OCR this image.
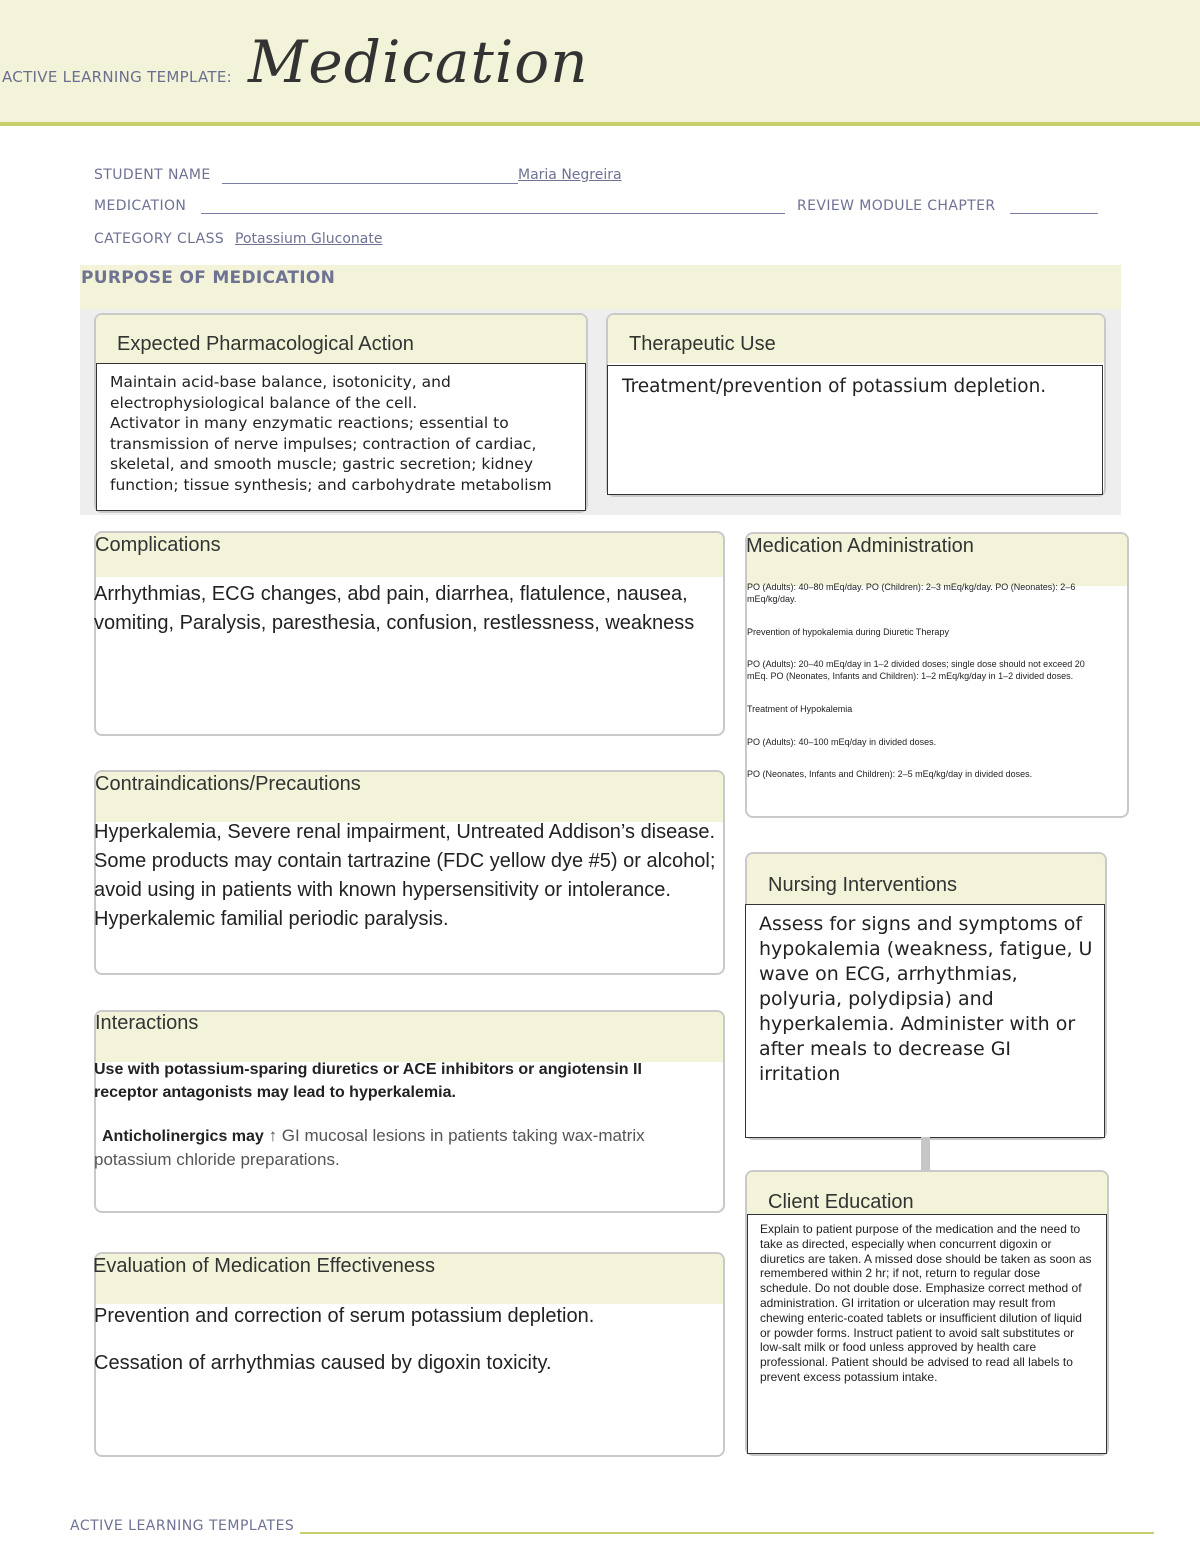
ACTIVE LEARNING TEMPLATE: Medication
STUDENT NAME	Maria Negreira
MEDICATION	REVIEW MODULE CHAPTER
CATEGORY CLASS Potassium Gluconate
PURPOSE OF MEDICATION
Expected Pharmacological Action
Maintain acid-base balance, isotonicity, and
electrophysiological balance of the cell.
Activator in many enzymatic reactions; essential to
transmission of nerve impulses; contraction of cardiac,
skeletal, and smooth muscle; gastric secretion; kidney
function; tissue synthesis; and carbohydrate metabolism
Therapeutic Use
Treatment/prevention of potassium depletion.
Complications
Arrhythmias, ECG changes, abd pain, diarrhea, flatulence, nausea, vomiting, Paralysis, paresthesia, confusion, restlessness, weakness
Contraindications/Precautions
Hyperkalemia, Severe renal impairment, Untreated Addison’s disease. Some products may contain tartrazine (FDC yellow dye #5) or alcohol; avoid using in patients with known hypersensitivity or intolerance. Hyperkalemic familial periodic paralysis.
Interactions
Use with potassium-sparing diuretics or ACE inhibitors or angiotensin II receptor antagonists may lead to hyperkalemia.
Anticholinergics may ↑ GI mucosal lesions in patients taking wax-matrix potassium chloride preparations.
Evaluation of Medication Effectiveness
Prevention and correction of serum potassium depletion.
Cessation of arrhythmias caused by digoxin toxicity.
Medication Administration
PO (Adults): 40–80 mEq/day. PO (Children): 2–3 mEq/kg/day. PO (Neonates): 2–6 mEq/kg/day.
Prevention of hypokalemia during Diuretic Therapy
PO (Adults): 20–40 mEq/day in 1–2 divided doses; single dose should not exceed 20 mEq. PO (Neonates, Infants and Children): 1–2 mEq/kg/day in 1–2 divided doses.
Treatment of Hypokalemia
PO (Adults): 40–100 mEq/day in divided doses.
PO (Neonates, Infants and Children): 2–5 mEq/kg/day in divided doses.
Nursing Interventions
Assess for signs and symptoms of hypokalemia (weakness, fatigue, U wave on ECG, arrhythmias, polyuria, polydipsia) and hyperkalemia. Administer with or after meals to decrease GI irritation
Client Education
Explain to patient purpose of the medication and the need to take as directed, especially when concurrent digoxin or diuretics are taken. A missed dose should be taken as soon as remembered within 2 hr; if not, return to regular dose schedule. Do not double dose. Emphasize correct method of administration. GI irritation or ulceration may result from chewing enteric-coated tablets or insufficient dilution of liquid or powder forms. Instruct patient to avoid salt substitutes or low-salt milk or food unless approved by health care professional. Patient should be advised to read all labels to prevent excess potassium intake.
ACTIVE LEARNING TEMPLATES
